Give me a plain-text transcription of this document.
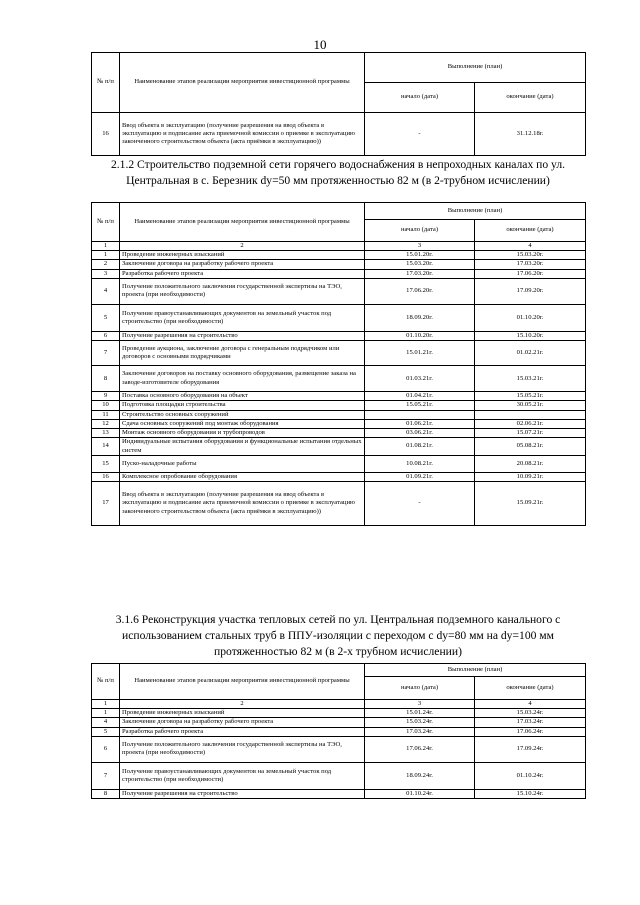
10
№ п/п	Наименование этапов реализации мероприятия инвестиционной программы	Выполнение (план)	
		начало (дата)	окончание (дата)
16	Ввод объекта в эксплуатацию (получение разрешения на ввод объекта в эксплуатацию и подписание акта приемочной комиссии о приемке в эксплуатацию законченного строительством объекта (акта приёмки в эксплуатацию))	-	31.12.18г.
2.1.2 Строительство подземной сети горячего водоснабжения в непроходных каналах по ул. Центральная в с. Березник dy=50 мм протяженностью 82 м (в 2-трубном исчислении)
№ п/п	Наименование этапов реализации мероприятия инвестиционной программы	Выполнение (план)	
		начало (дата)	окончание (дата)
1	2	3	4
1	Проведение инженерных изысканий	15.01.20г.	15.03.20г.
2	Заключение договора на разработку рабочего проекта	15.03.20г.	17.03.20г.
3	Разработка рабочего проекта	17.03.20г.	17.06.20г.
4	Получение положительного заключения государственной экспертизы на ТЭО, проекта (при необходимости)	17.06.20г.	17.09.20г.
5	Получение правоустанавливающих документов на земельный участок под строительство (при необходимости)	18.09.20г.	01.10.20г.
6	Получение разрешения на строительство	01.10.20г.	15.10.20г.
7	Проведение аукциона, заключение договора с генеральным подрядчиком или договоров с основными подрядчиками	15.01.21г.	01.02.21г.
8	Заключение договоров на поставку основного оборудования, размещение заказа на заводе-изготовителе оборудования	01.03.21г.	15.03.21г.
9	Поставка основного оборудования на объект	01.04.21г.	15.05.21г.
10	Подготовка площадки строительства	15.05.21г.	30.05.21г.
11	Строительство основных сооружений		
12	Сдача основных сооружений под монтаж оборудования	01.06.21г.	02.06.21г.
13	Монтаж основного оборудования и трубопроводов	03.06.21г.	15.07.21г.
14	Индивидуальные испытания оборудования и функциональные испытания отдельных систем	01.08.21г.	05.08.21г.
15	Пуско-наладочные работы	10.08.21г.	20.08.21г.
16	Комплексное опробование оборудования	01.09.21г.	10.09.21г.
17	Ввод объекта в эксплуатацию (получение разрешения на ввод объекта в эксплуатацию и подписание акта приемочной комиссии о приемке в эксплуатацию законченного строительством объекта (акта приёмки в эксплуатацию))	-	15.09.21г.
3.1.6 Реконструкция участка тепловых сетей по ул. Центральная подземного канального с использованием стальных труб в ППУ-изоляции с переходом с dy=80 мм на dy=100 мм протяженностью 82 м (в 2-х трубном исчислении)
№ п/п	Наименование этапов реализации мероприятия инвестиционной программы	Выполнение (план)	
		начало (дата)	окончание (дата)
1	2	3	4
1	Проведение инженерных изысканий	15.01.24г.	15.03.24г.
4	Заключение договора на разработку рабочего проекта	15.03.24г.	17.03.24г.
5	Разработка рабочего проекта	17.03.24г.	17.06.24г.
6	Получение положительного заключения государственной экспертизы на ТЭО, проекта (при необходимости)	17.06.24г.	17.09.24г.
7	Получение правоустанавливающих документов на земельный участок под строительство (при необходимости)	18.09.24г.	01.10.24г.
8	Получение разрешения на строительство	01.10.24г.	15.10.24г.
